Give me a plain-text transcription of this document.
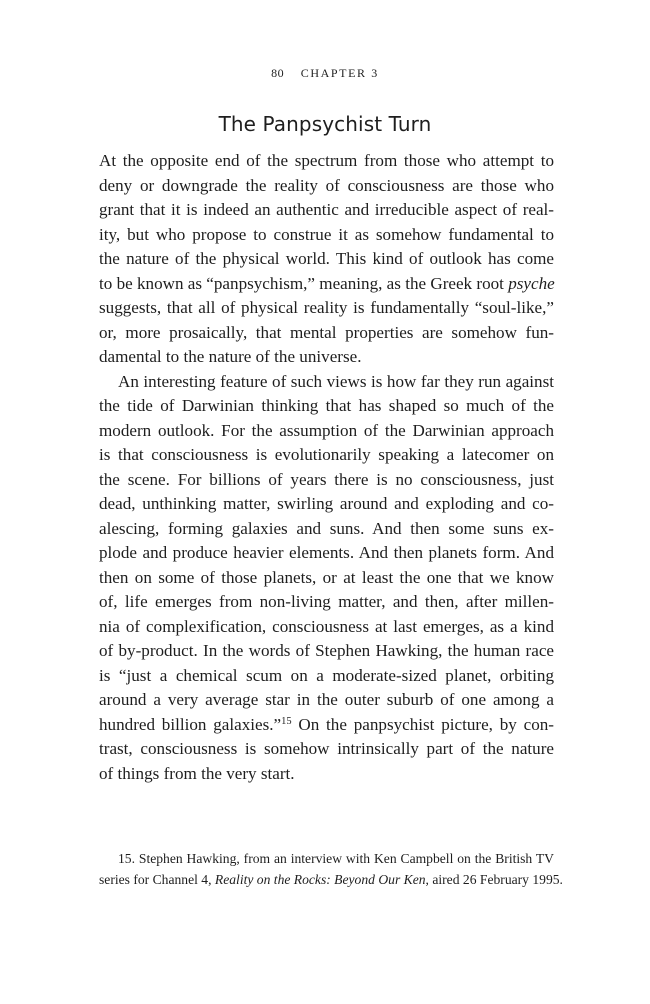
80 CHAPTER 3
The Panpsychist Turn
At the opposite end of the spectrum from those who attempt to
deny or downgrade the reality of consciousness are those who
grant that it is indeed an authentic and irreducible aspect of real-
ity, but who propose to construe it as somehow fundamental to
the nature of the physical world. This kind of outlook has come
to be known as “panpsychism,” meaning, as the Greek root psyche
suggests, that all of physical reality is fundamentally “soul-like,”
or, more prosaically, that mental properties are somehow fun-
damental to the nature of the universe.
An interesting feature of such views is how far they run against
the tide of Darwinian thinking that has shaped so much of the
modern outlook. For the assumption of the Darwinian approach
is that consciousness is evolutionarily speaking a latecomer on
the scene. For billions of years there is no consciousness, just
dead, unthinking matter, swirling around and exploding and co-
alescing, forming galaxies and suns. And then some suns ex-
plode and produce heavier elements. And then planets form. And
then on some of those planets, or at least the one that we know
of, life emerges from non-living matter, and then, after millen-
nia of complexification, consciousness at last emerges, as a kind
of by-product. In the words of Stephen Hawking, the human race
is “just a chemical scum on a moderate-sized planet, orbiting
around a very average star in the outer suburb of one among a
hundred billion galaxies.”$^{15}$ On the panpsychist picture, by con-
trast, consciousness is somehow intrinsically part of the nature
of things from the very start.
15. Stephen Hawking, from an interview with Ken Campbell on the British TV
series for Channel 4, Reality on the Rocks: Beyond Our Ken, aired 26 February 1995.
